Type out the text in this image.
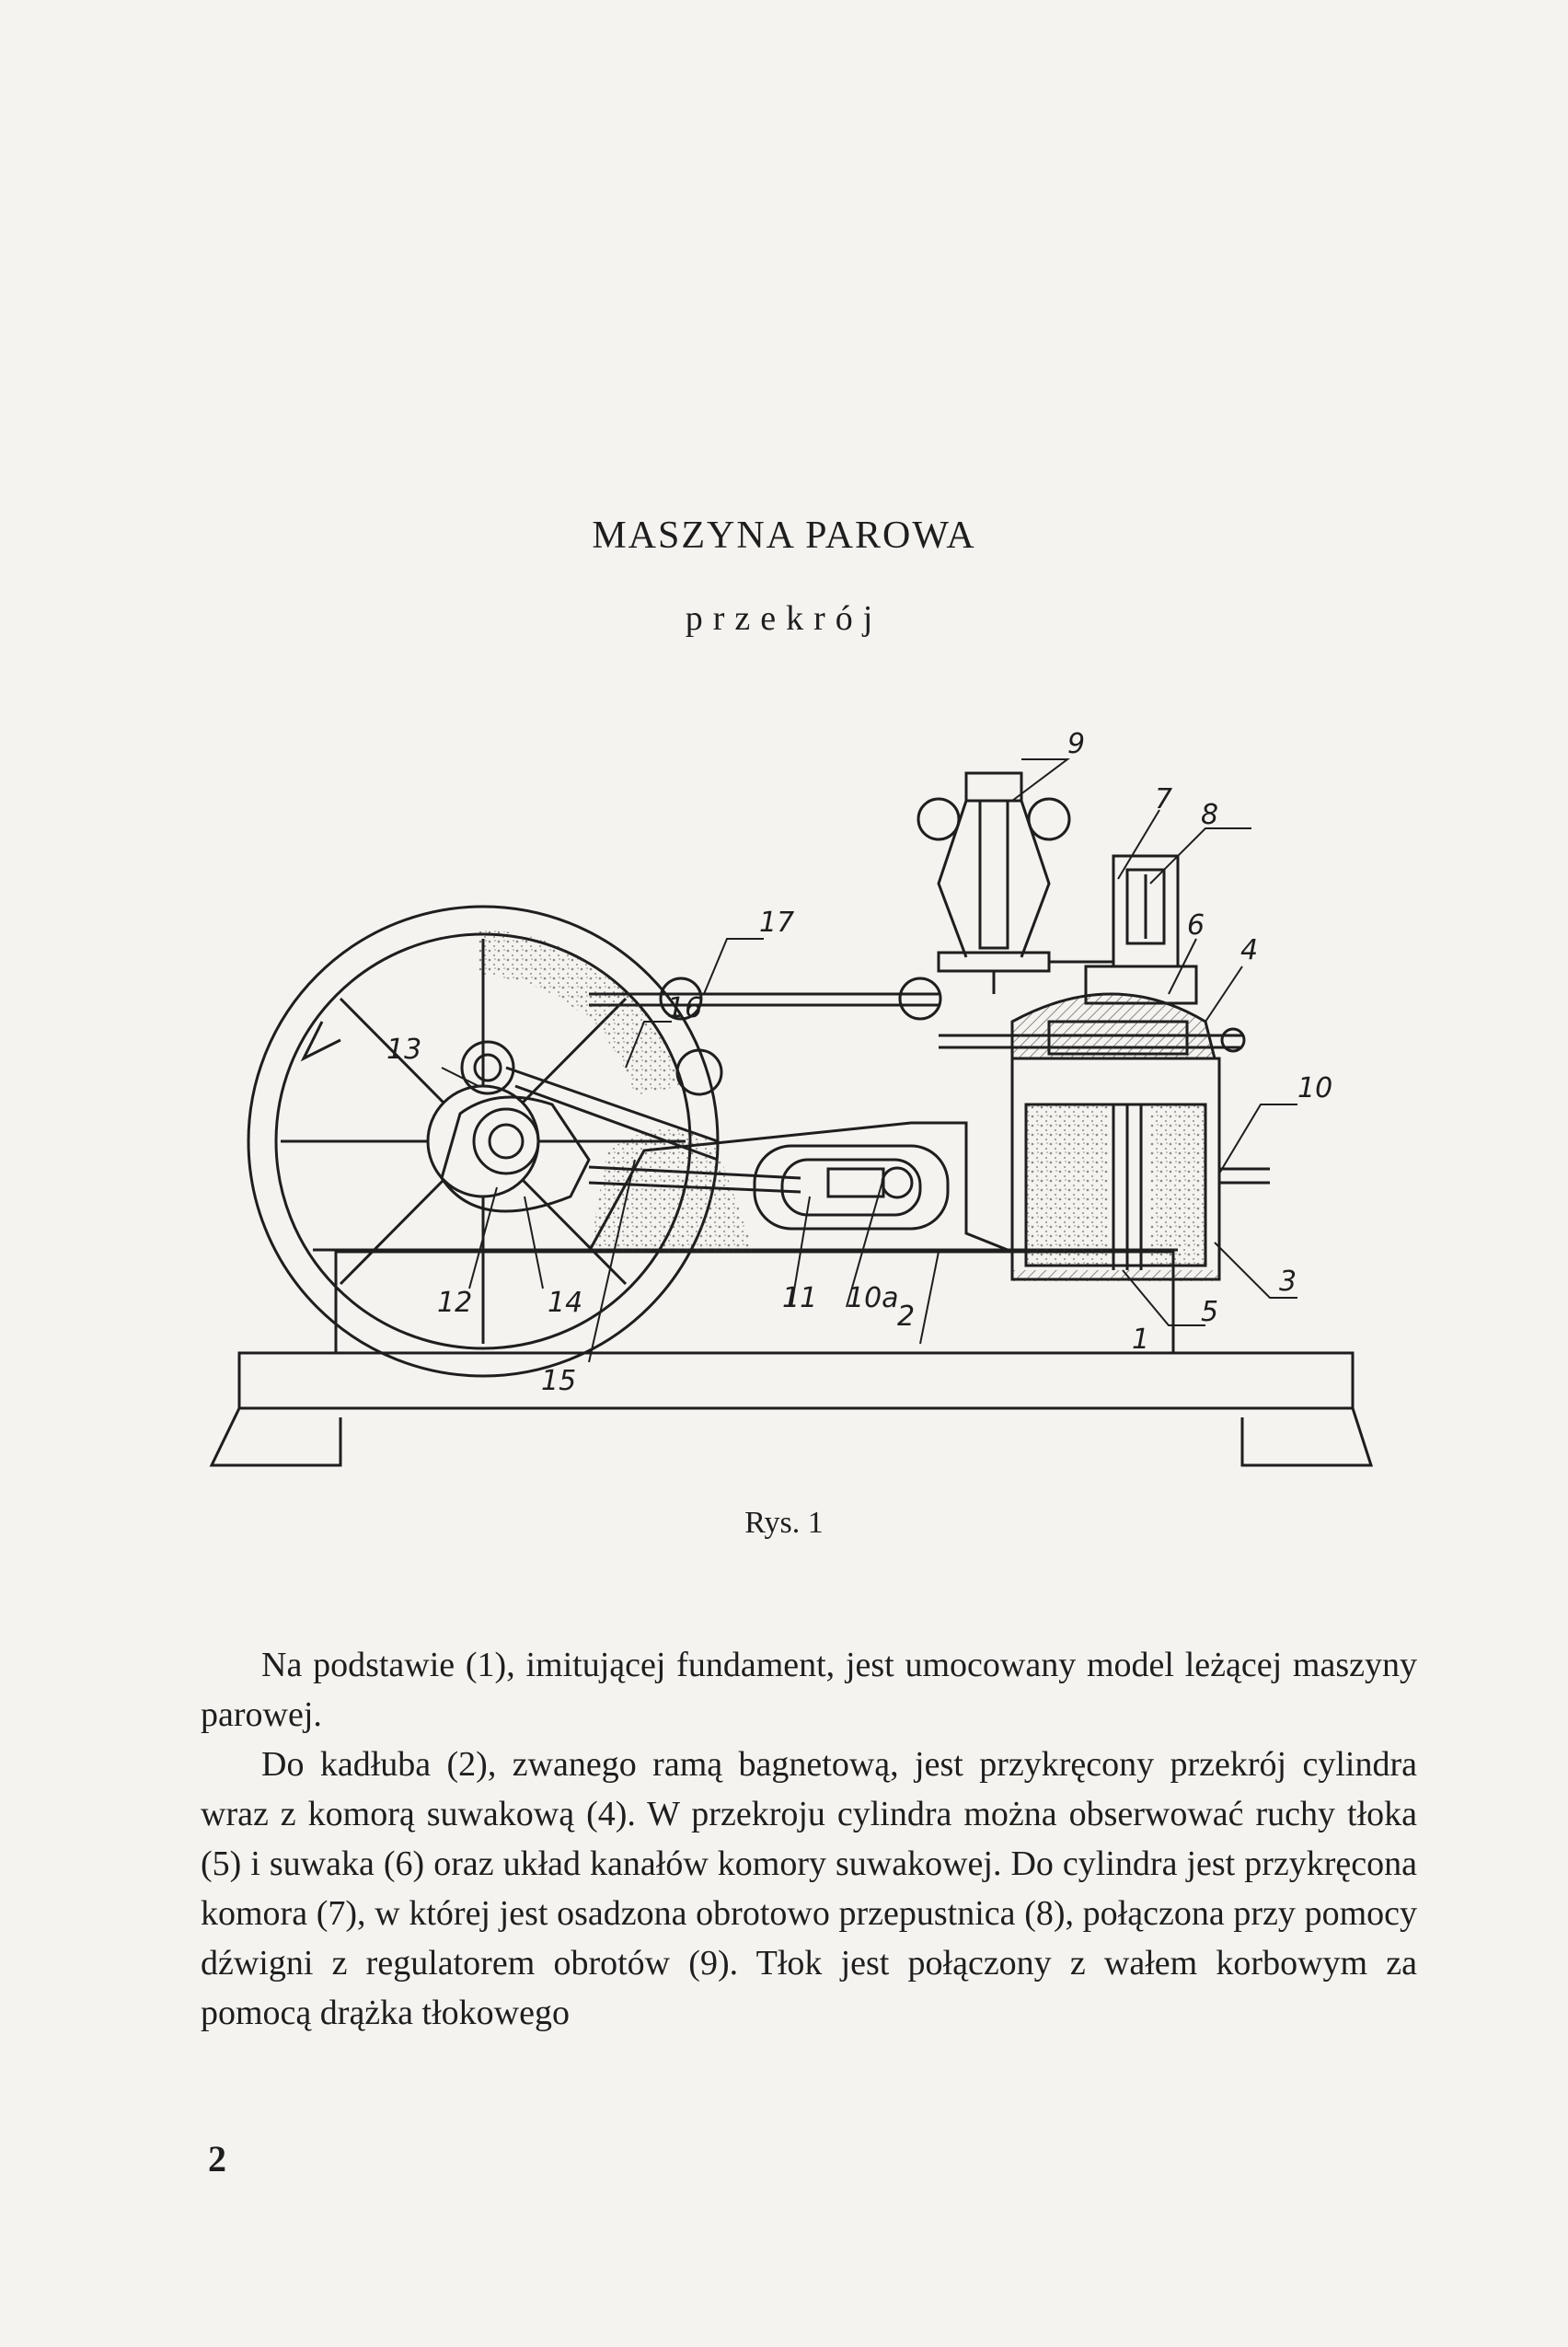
MASZYNA PAROWA
przekrój
9
7 8
6
4
10
3
5
1
2
10a
11
17
16
13
12	14
15
Rys. 1

Na podstawie (1), imitującej fundament, jest umocowany model leżącej maszyny parowej.

Do kadłuba (2), zwanego ramą bagnetową, jest przykręcony przekrój cylindra wraz z komorą suwakową (4). W przekroju cylindra można obserwować ruchy tłoka (5) i suwaka (6) oraz układ kanałów komory suwakowej. Do cylindra jest przykręcona komora (7), w której jest osadzona obrotowo przepustnica (8), połączona przy pomocy dźwigni z regulatorem obrotów (9). Tłok jest połączony z wałem korbowym za pomocą drążka tłokowego

2
